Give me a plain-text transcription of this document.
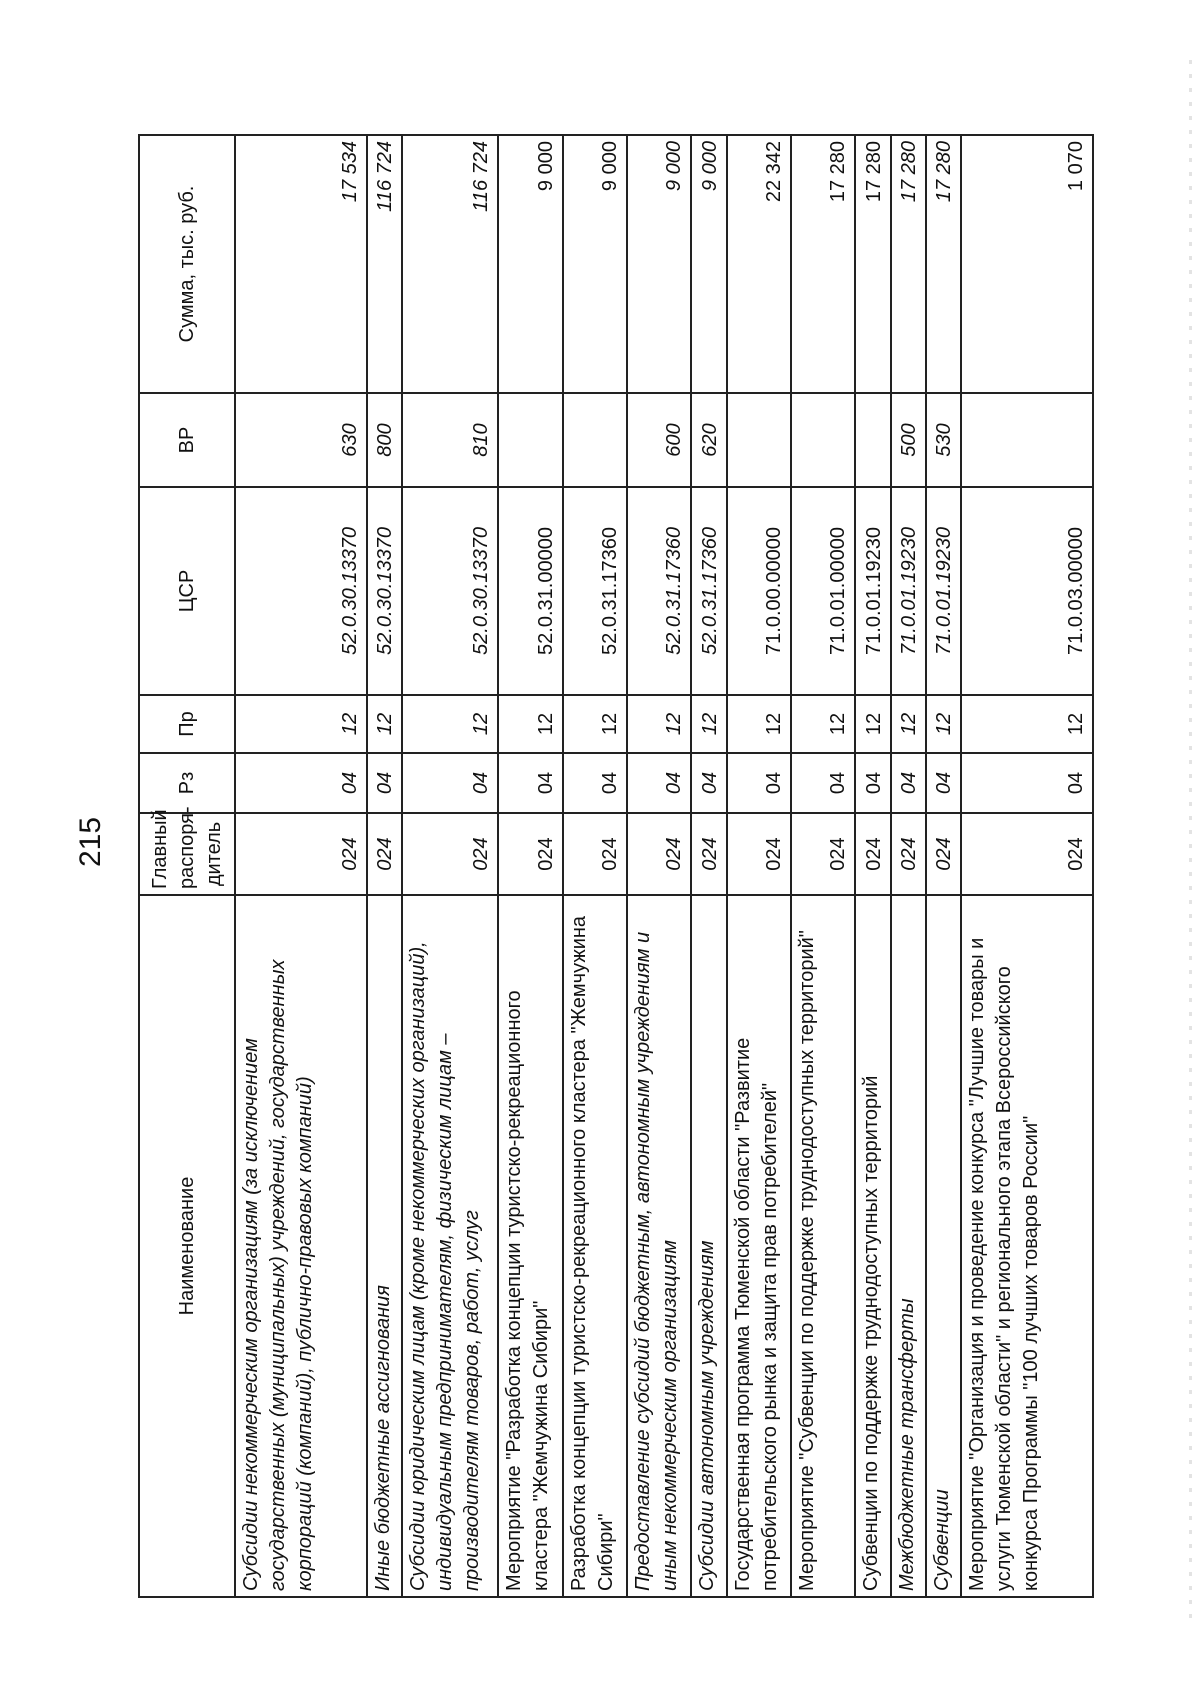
215
Наименование	Главный распоря-дитель	Рз	Пр	ЦСР	ВР	Сумма, тыс. руб.
Субсидии некоммерческим организациям (за исключением государственных (муниципальных) учреждений, государственных корпораций (компаний), публично-правовых компаний)	024	04	12	52.0.30.13370	630	17 534
Иные бюджетные ассигнования	024	04	12	52.0.30.13370	800	116 724
Субсидии юридическим лицам (кроме некоммерческих организаций), индивидуальным предпринимателям, физическим лицам – производителям товаров, работ, услуг	024	04	12	52.0.30.13370	810	116 724
Мероприятие "Разработка концепции туристско-рекреационного кластера "Жемчужина Сибири"	024	04	12	52.0.31.00000		9 000
Разработка концепции туристско-рекреационного кластера "Жемчужина Сибири"	024	04	12	52.0.31.17360		9 000
Предоставление субсидий бюджетным, автономным учреждениям и иным некоммерческим организациям	024	04	12	52.0.31.17360	600	9 000
Субсидии автономным учреждениям	024	04	12	52.0.31.17360	620	9 000
Государственная программа Тюменской области "Развитие потребительского рынка и защита прав потребителей"	024	04	12	71.0.00.00000		22 342
Мероприятие "Субвенции по поддержке труднодоступных территорий"	024	04	12	71.0.01.00000		17 280
Субвенции по поддержке труднодоступных территорий	024	04	12	71.0.01.19230		17 280
Межбюджетные трансферты	024	04	12	71.0.01.19230	500	17 280
Субвенции	024	04	12	71.0.01.19230	530	17 280
Мероприятие "Организация и проведение конкурса "Лучшие товары и услуги Тюменской области" и регионального этапа Всероссийского конкурса Программы "100 лучших товаров России"	024	04	12	71.0.03.00000		1 070
